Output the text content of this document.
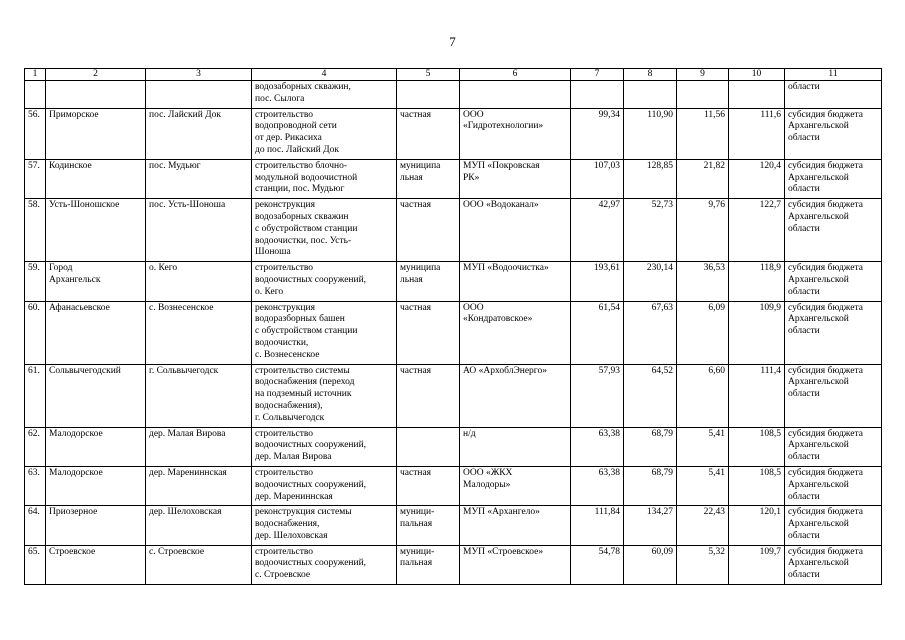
7
1	2	3	4	5	6	7	8	9	10	11

			водозаборных скважин,
пос. Сылога							области

56.	Приморское	пос. Лайский Док	строительство
водопроводной сети
от дер. Рикасиха
до пос. Лайский Док	частная	ООО
«Гидротехнологии»	99,34	110,90	11,56	111,6	субсидия бюджета
Архангельской
области

57.	Кодинское	пос. Мудьюг	строительство блочно-
модульной водоочистной
станции, пос. Мудьюг	муниципа
льная	МУП «Покровская
РК»	107,03	128,85	21,82	120,4	субсидия бюджета
Архангельской
области

58.	Усть-Шоношское	пос. Усть-Шоноша	реконструкция
водозаборных скважин
с обустройством станции
водоочистки, пос. Усть-
Шоноша	частная	ООО «Водоканал»	42,97	52,73	9,76	122,7	субсидия бюджета
Архангельской
области

59.	Город
Архангельск	о. Кего	строительство
водоочистных сооружений,
о. Кего	муниципа
льная	МУП «Водоочистка»	193,61	230,14	36,53	118,9	субсидия бюджета
Архангельской
области

60.	Афанасьевское	с. Вознесенское	реконструкция
водоразборных башен
с обустройством станции
водоочистки,
с. Вознесенское	частная	ООО
«Кондратовское»	61,54	67,63	6,09	109,9	субсидия бюджета
Архангельской
области

61.	Сольвычегодский	г. Сольвычегодск	строительство системы
водоснабжения (переход
на подземный источник
водоснабжения),
г. Сольвычегодск	частная	АО «АрхоблЭнерго»	57,93	64,52	6,60	111,4	субсидия бюджета
Архангельской
области

62.	Малодорское	дер. Малая Вирова	строительство
водоочистных сооружений,
дер. Малая Вирова		н/д	63,38	68,79	5,41	108,5	субсидия бюджета
Архангельской
области

63.	Малодорское	дер. Марениннская	строительство
водоочистных сооружений,
дер. Марениннская	частная	ООО «ЖКХ
Малодоры»	63,38	68,79	5,41	108,5	субсидия бюджета
Архангельской
области

64.	Приозерное	дер. Шелоховская	реконструкция системы
водоснабжения,
дер. Шелоховская	муници-
пальная	МУП «Архангело»	111,84	134,27	22,43	120,1	субсидия бюджета
Архангельской
области

65.	Строевское	с. Строевское	строительство
водоочистных сооружений,
с. Строевское	муници-
пальная	МУП «Строевское»	54,78	60,09	5,32	109,7	субсидия бюджета
Архангельской
области
